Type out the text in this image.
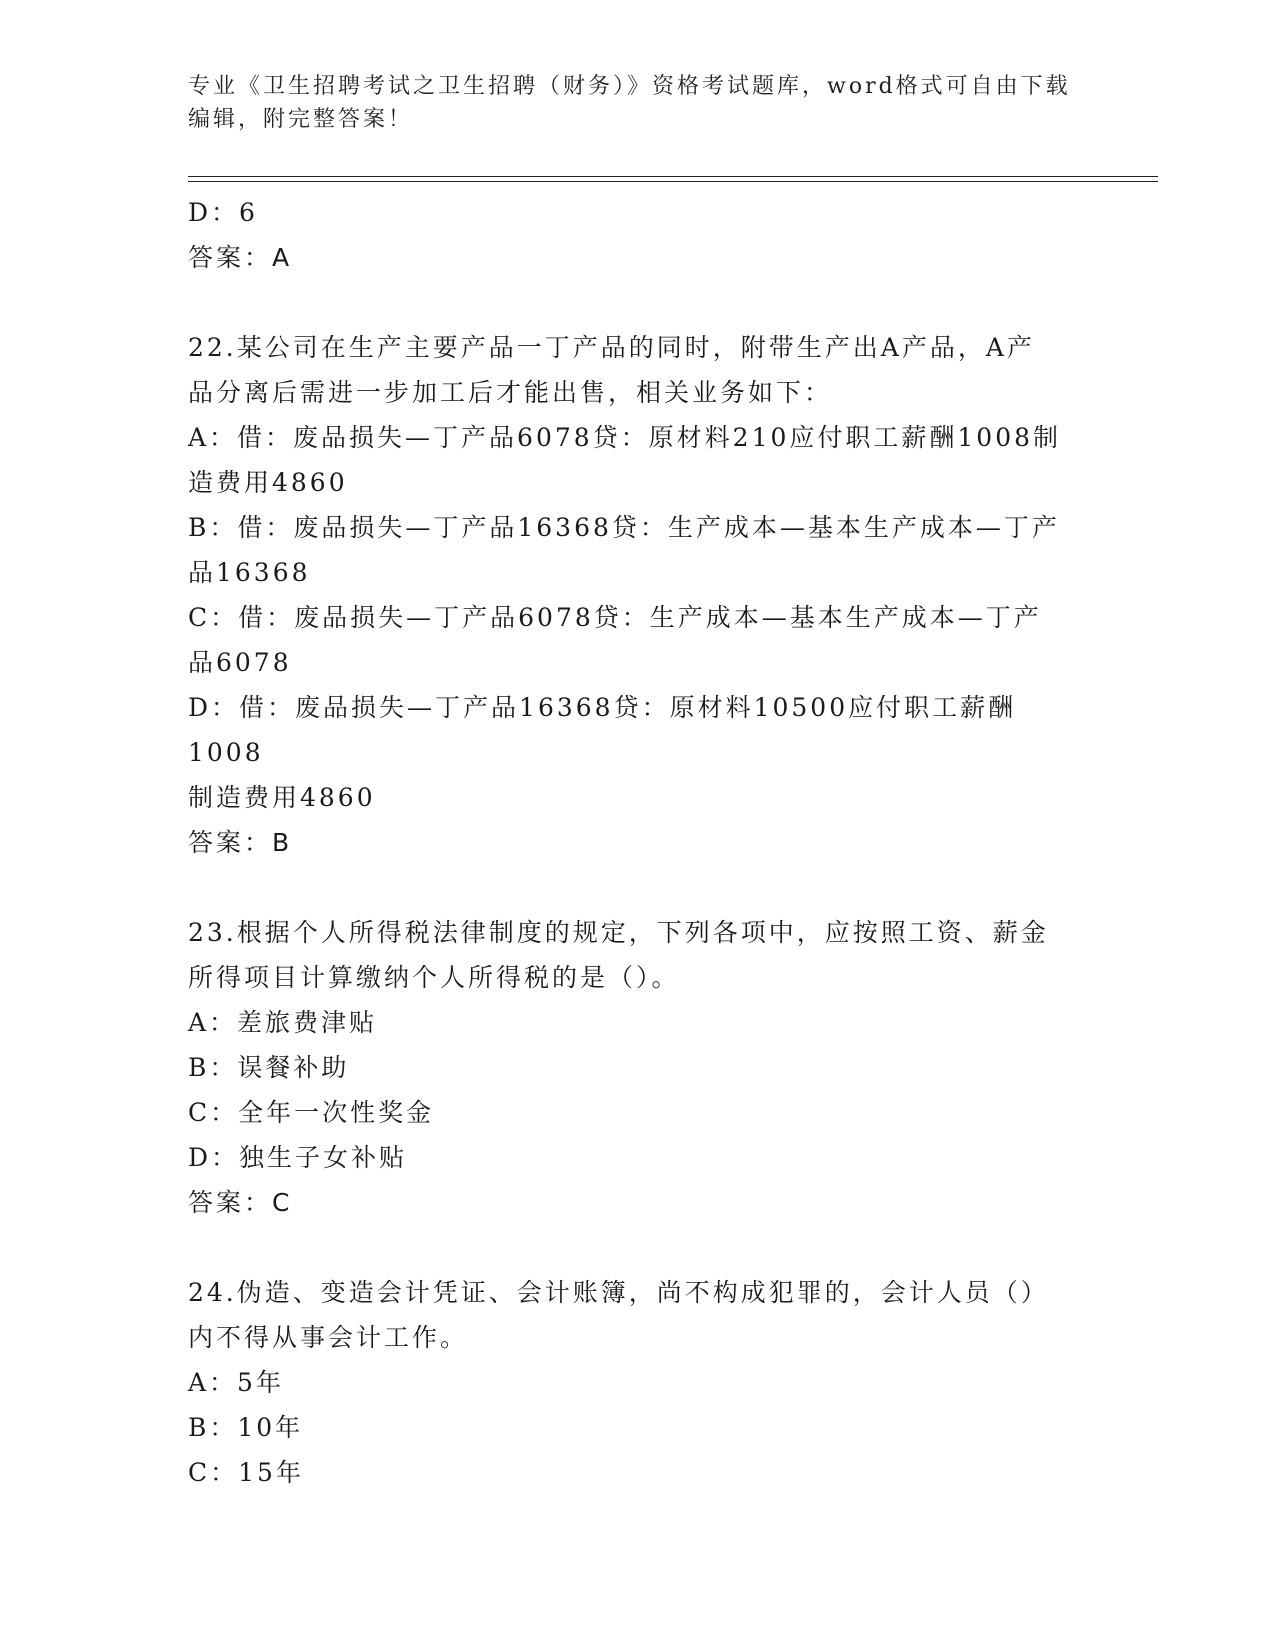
专业《卫生招聘考试之卫生招聘（财务）》资格考试题库，word格式可自由下载
编辑，附完整答案！
D：6
答案：A
22.某公司在生产主要产品一丁产品的同时，附带生产出A产品，A产
品分离后需进一步加工后才能出售，相关业务如下：
A：借：废品损失—丁产品6078贷：原材料210应付职工薪酬1008制
造费用4860
B：借：废品损失—丁产品16368贷：生产成本—基本生产成本—丁产
品16368
C：借：废品损失—丁产品6078贷：生产成本—基本生产成本—丁产
品6078
D：借：废品损失—丁产品16368贷：原材料10500应付职工薪酬1008
制造费用4860
答案：B
23.根据个人所得税法律制度的规定，下列各项中，应按照工资、薪金
所得项目计算缴纳个人所得税的是（）。
A：差旅费津贴
B：误餐补助
C：全年一次性奖金
D：独生子女补贴
答案：C
24.伪造、变造会计凭证、会计账簿，尚不构成犯罪的，会计人员（）
内不得从事会计工作。
A：5年
B：10年
C：15年
